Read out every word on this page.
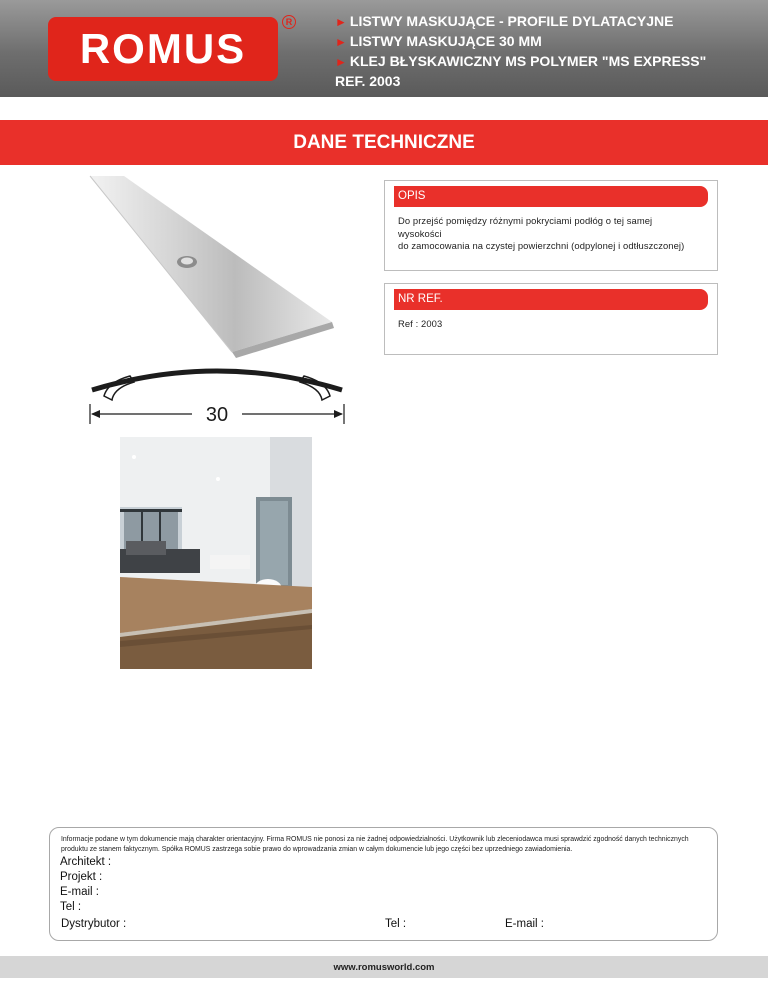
ROMUS
R	► LISTWY MASKUJĄCE - PROFILE DYLATACYJNE
► LISTWY MASKUJĄCE 30 MM
► KLEJ BŁYSKAWICZNY MS POLYMER "MS EXPRESS"
REF. 2003
DANE TECHNICZNE
30
OPIS
Do przejść pomiędzy różnymi pokryciami podłóg o tej samej
wysokości
do zamocowania na czystej powierzchni (odpylonej i odtłuszczonej)
NR REF.
Ref : 2003
Informacje podane w tym dokumencie mają charakter orientacyjny. Firma ROMUS nie ponosi za nie żadnej odpowiedzialności. Użytkownik lub zleceniodawca musi sprawdzić zgodność danych technicznych produktu ze stanem faktycznym. Spółka ROMUS zastrzega sobie prawo do wprowadzania zmian w całym dokumencie lub jego części bez uprzedniego zawiadomienia.
Architekt :
Projekt :
E-mail :
Tel :
Dystrybutor :	Tel :	E-mail :
www.romusworld.com
